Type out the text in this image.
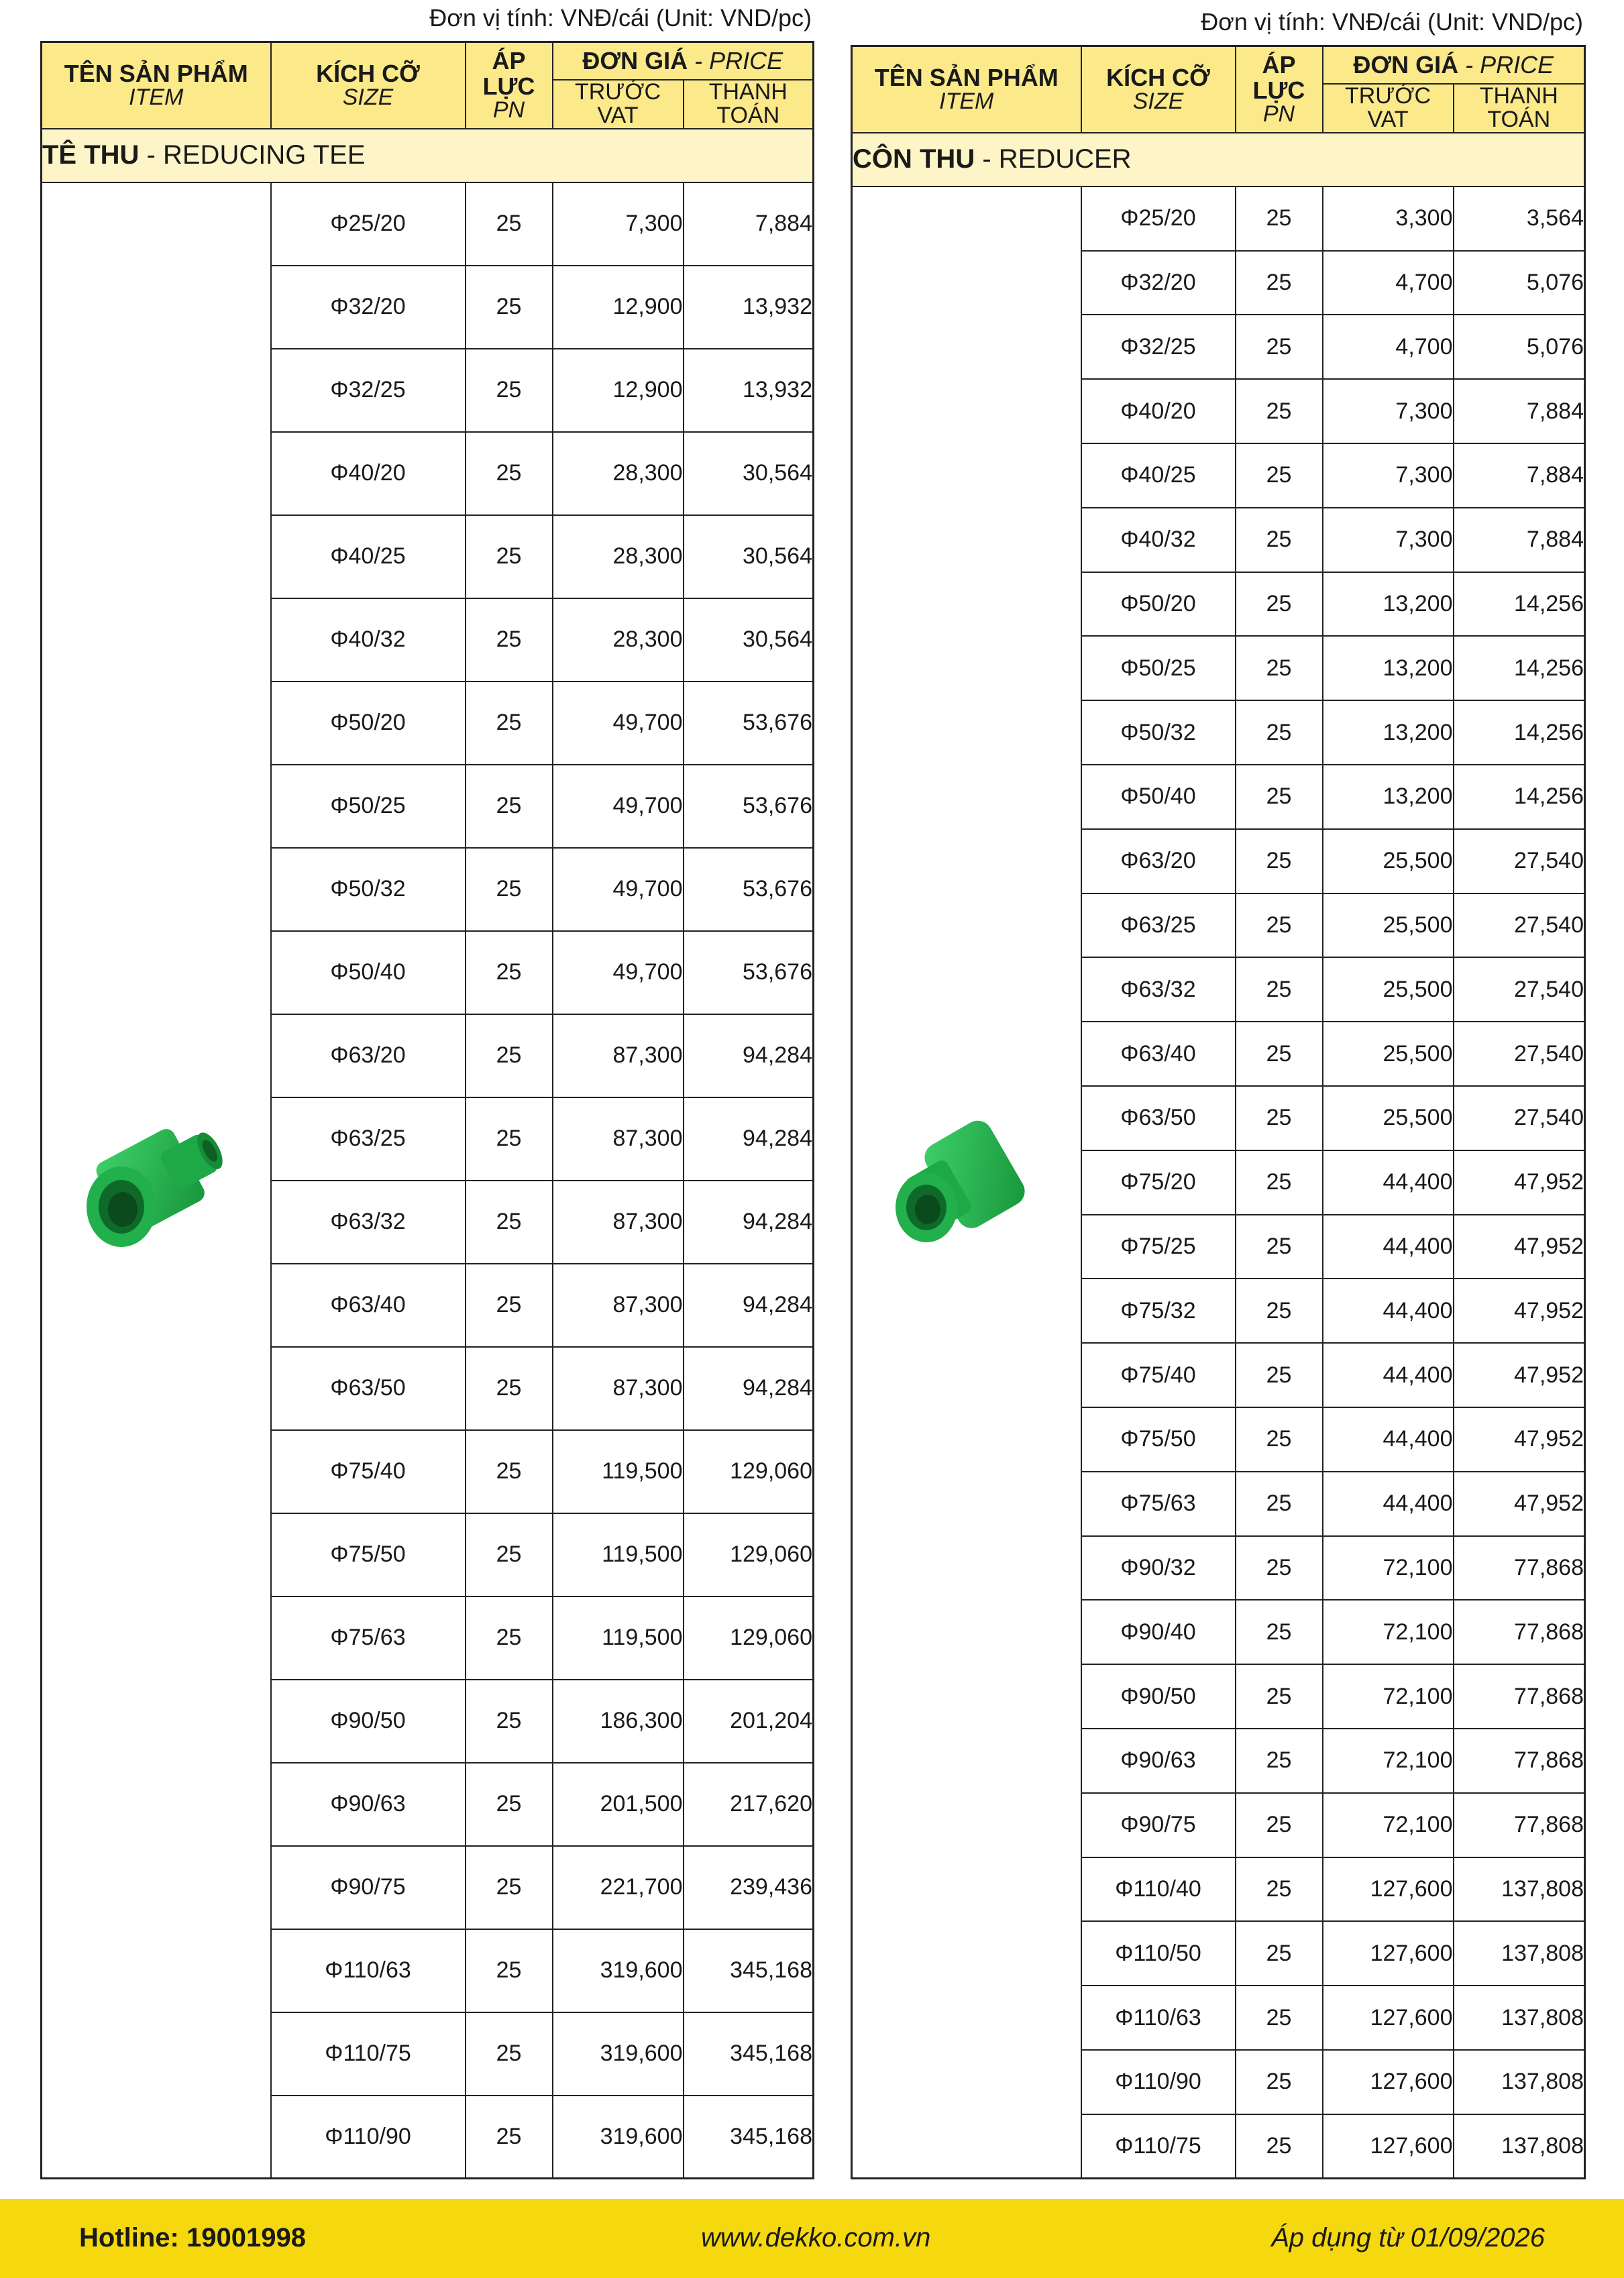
Đơn vị tính: VNĐ/cái (Unit: VND/pc)	Đơn vị tính: VNĐ/cái (Unit: VND/pc)
TÊN SẢN PHẨM
ITEM	KÍCH CỠ
SIZE	ÁP LỰC
PN	ĐƠN GIÁ - PRICE	
			TRƯỚC VAT	THANH TOÁN
TÊ THU - REDUCING TEE				
	Φ25/20	25	7,300	7,884
	Φ32/20	25	12,900	13,932
	Φ32/25	25	12,900	13,932
	Φ40/20	25	28,300	30,564
	Φ40/25	25	28,300	30,564
	Φ40/32	25	28,300	30,564
	Φ50/20	25	49,700	53,676
	Φ50/25	25	49,700	53,676
	Φ50/32	25	49,700	53,676
	Φ50/40	25	49,700	53,676
	Φ63/20	25	87,300	94,284
	Φ63/25	25	87,300	94,284
	Φ63/32	25	87,300	94,284
	Φ63/40	25	87,300	94,284
	Φ63/50	25	87,300	94,284
	Φ75/40	25	119,500	129,060
	Φ75/50	25	119,500	129,060
	Φ75/63	25	119,500	129,060
	Φ90/50	25	186,300	201,204
	Φ90/63	25	201,500	217,620
	Φ90/75	25	221,700	239,436
	Φ110/63	25	319,600	345,168
	Φ110/75	25	319,600	345,168
	Φ110/90	25	319,600	345,168
TÊN SẢN PHẨM
ITEM	KÍCH CỠ
SIZE	ÁP LỰC
PN	ĐƠN GIÁ - PRICE	
			TRƯỚC VAT	THANH TOÁN
CÔN THU - REDUCER				
	Φ25/20	25	3,300	3,564
	Φ32/20	25	4,700	5,076
	Φ32/25	25	4,700	5,076
	Φ40/20	25	7,300	7,884
	Φ40/25	25	7,300	7,884
	Φ40/32	25	7,300	7,884
	Φ50/20	25	13,200	14,256
	Φ50/25	25	13,200	14,256
	Φ50/32	25	13,200	14,256
	Φ50/40	25	13,200	14,256
	Φ63/20	25	25,500	27,540
	Φ63/25	25	25,500	27,540
	Φ63/32	25	25,500	27,540
	Φ63/40	25	25,500	27,540
	Φ63/50	25	25,500	27,540
	Φ75/20	25	44,400	47,952
	Φ75/25	25	44,400	47,952
	Φ75/32	25	44,400	47,952
	Φ75/40	25	44,400	47,952
	Φ75/50	25	44,400	47,952
	Φ75/63	25	44,400	47,952
	Φ90/32	25	72,100	77,868
	Φ90/40	25	72,100	77,868
	Φ90/50	25	72,100	77,868
	Φ90/63	25	72,100	77,868
	Φ90/75	25	72,100	77,868
	Φ110/40	25	127,600	137,808
	Φ110/50	25	127,600	137,808
	Φ110/63	25	127,600	137,808
	Φ110/90	25	127,600	137,808
	Φ110/75	25	127,600	137,808
Hotline: 19001998	www.dekko.com.vn	Áp dụng từ 01/09/2026
